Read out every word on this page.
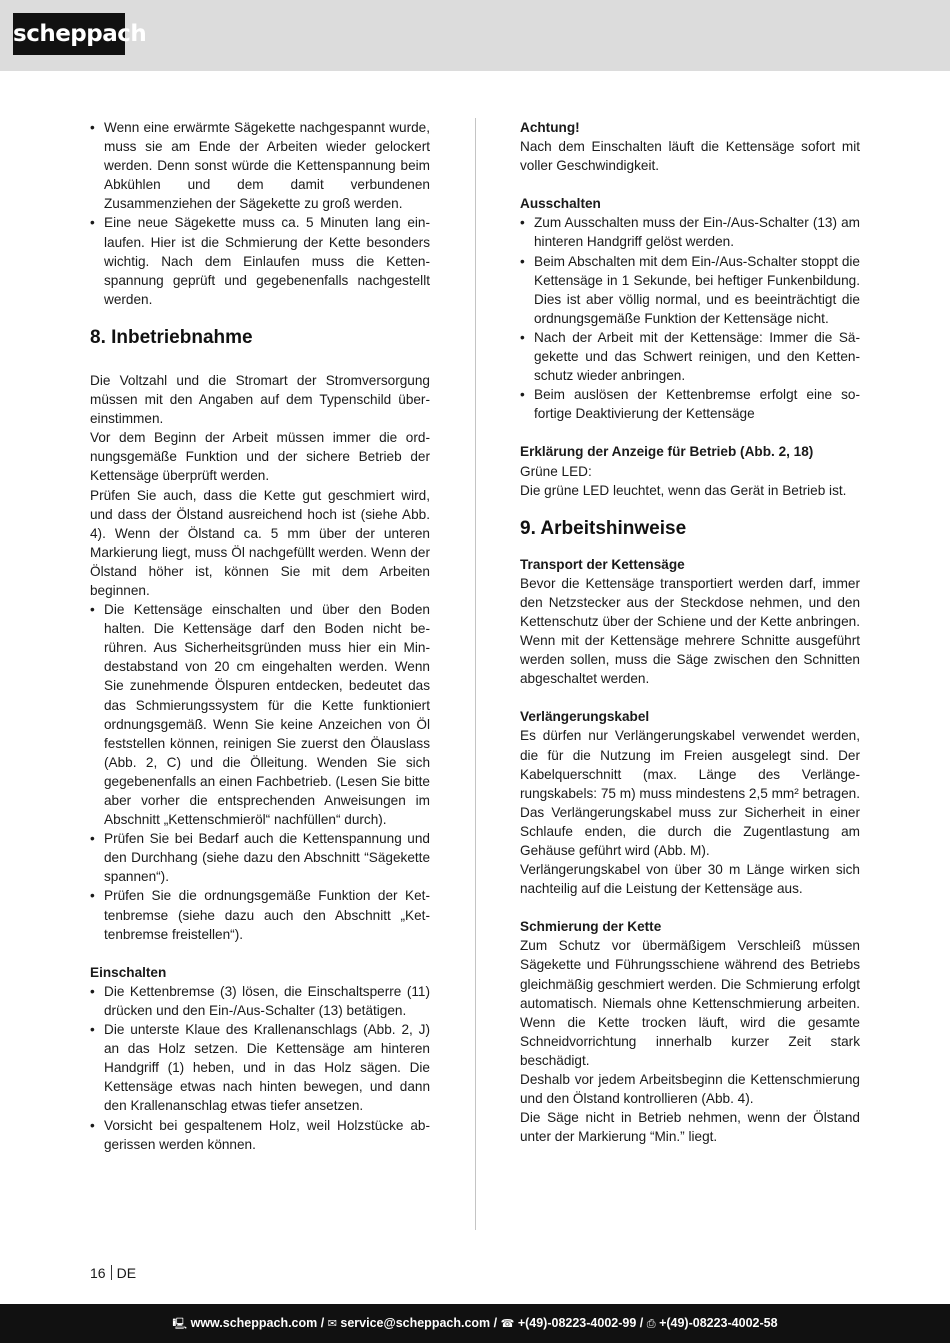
scheppach
• Wenn eine erwärmte Sägekette nachgespannt wurde, muss sie am Ende der Arbeiten wieder gelockert werden. Denn sonst würde die Kettenspannung beim Abkühlen und dem damit verbundenen Zusammenziehen der Sägekette zu groß werden.
• Eine neue Sägekette muss ca. 5 Minuten lang einlaufen. Hier ist die Schmierung der Kette besonders wichtig. Nach dem Einlaufen muss die Kettenspannung geprüft und gegebenenfalls nachgestellt werden.
8. Inbetriebnahme

Die Voltzahl und die Stromart der Stromversorgung müssen mit den Angaben auf dem Typenschild übereinstimmen.

Vor dem Beginn der Arbeit müssen immer die ordnungsgemäße Funktion und der sichere Betrieb der Kettensäge überprüft werden.

Prüfen Sie auch, dass die Kette gut geschmiert wird, und dass der Ölstand ausreichend hoch ist (siehe Abb. 4). Wenn der Ölstand ca. 5 mm über der unteren Markierung liegt, muss Öl nachgefüllt werden. Wenn der Ölstand höher ist, können Sie mit dem Arbeiten beginnen.

• Die Kettensäge einschalten und über den Boden halten. Die Kettensäge darf den Boden nicht berühren. Aus Sicherheitsgründen muss hier ein Mindestabstand von 20 cm eingehalten werden. Wenn Sie zunehmende Ölspuren entdecken, bedeutet das das Schmierungssystem für die Kette funktioniert ordnungsgemäß. Wenn Sie keine Anzeichen von Öl feststellen können, reinigen Sie zuerst den Ölauslass (Abb. 2, C) und die Ölleitung. Wenden Sie sich gegebenenfalls an einen Fachbetrieb. (Lesen Sie bitte aber vorher die entsprechenden Anweisungen im Abschnitt „Kettenschmieröl“ nachfüllen“ durch).
• Prüfen Sie bei Bedarf auch die Kettenspannung und den Durchhang (siehe dazu den Abschnitt “Sägekette spannen“).
• Prüfen Sie die ordnungsgemäße Funktion der Kettenbremse (siehe dazu auch den Abschnitt „Kettenbremse freistellen“).
Einschalten
• Die Kettenbremse (3) lösen, die Einschaltsperre (11) drücken und den Ein-/Aus-Schalter (13) betätigen.
• Die unterste Klaue des Krallenanschlags (Abb. 2, J) an das Holz setzen. Die Kettensäge am hinteren Handgriff (1) heben, und in das Holz sägen. Die Kettensäge etwas nach hinten bewegen, und dann den Krallenanschlag etwas tiefer ansetzen.
• Vorsicht bei gespaltenem Holz, weil Holzstücke abgerissen werden können.
Achtung!

Nach dem Einschalten läuft die Kettensäge sofort mit voller Geschwindigkeit.

Ausschalten
• Zum Ausschalten muss der Ein-/Aus-Schalter (13) am hinteren Handgriff gelöst werden.
• Beim Abschalten mit dem Ein-/Aus-Schalter stoppt die Kettensäge in 1 Sekunde, bei heftiger Funkenbildung. Dies ist aber völlig normal, und es beeinträchtigt die ordnungsgemäße Funktion der Kettensäge nicht.
• Nach der Arbeit mit der Kettensäge: Immer die Sägekette und das Schwert reinigen, und den Kettenschutz wieder anbringen.
• Beim auslösen der Kettenbremse erfolgt eine sofortige Deaktivierung der Kettensäge
Erklärung der Anzeige für Betrieb (Abb. 2, 18)

Grüne LED:

Die grüne LED leuchtet, wenn das Gerät in Betrieb ist.

9. Arbeitshinweise
Transport der Kettensäge

Bevor die Kettensäge transportiert werden darf, immer den Netzstecker aus der Steckdose nehmen, und den Kettenschutz über der Schiene und der Kette anbringen. Wenn mit der Kettensäge mehrere Schnitte ausgeführt werden sollen, muss die Säge zwischen den Schnitten abgeschaltet werden.

Verlängerungskabel

Es dürfen nur Verlängerungskabel verwendet werden, die für die Nutzung im Freien ausgelegt sind. Der Kabelquerschnitt (max. Länge des Verlängerungskabels: 75 m) muss mindestens 2,5 mm² betragen. Das Verlängerungskabel muss zur Sicherheit in einer Schlaufe enden, die durch die Zugentlastung am Gehäuse geführt wird (Abb. M).

Verlängerungskabel von über 30 m Länge wirken sich nachteilig auf die Leistung der Kettensäge aus.

Schmierung der Kette

Zum Schutz vor übermäßigem Verschleiß müssen Sägekette und Führungsschiene während des Betriebs gleichmäßig geschmiert werden. Die Schmierung erfolgt automatisch. Niemals ohne Kettenschmierung arbeiten. Wenn die Kette trocken läuft, wird die gesamte Schneidvorrichtung innerhalb kurzer Zeit stark beschädigt.

Deshalb vor jedem Arbeitsbeginn die Kettenschmierung und den Ölstand kontrollieren (Abb. 4).

Die Säge nicht in Betrieb nehmen, wenn der Ölstand unter der Markierung “Min.” liegt.

16 DE
🖳 www.scheppach.com / ✉ service@scheppach.com / ☎ +(49)-08223-4002-99 / ⎙ +(49)-08223-4002-58
